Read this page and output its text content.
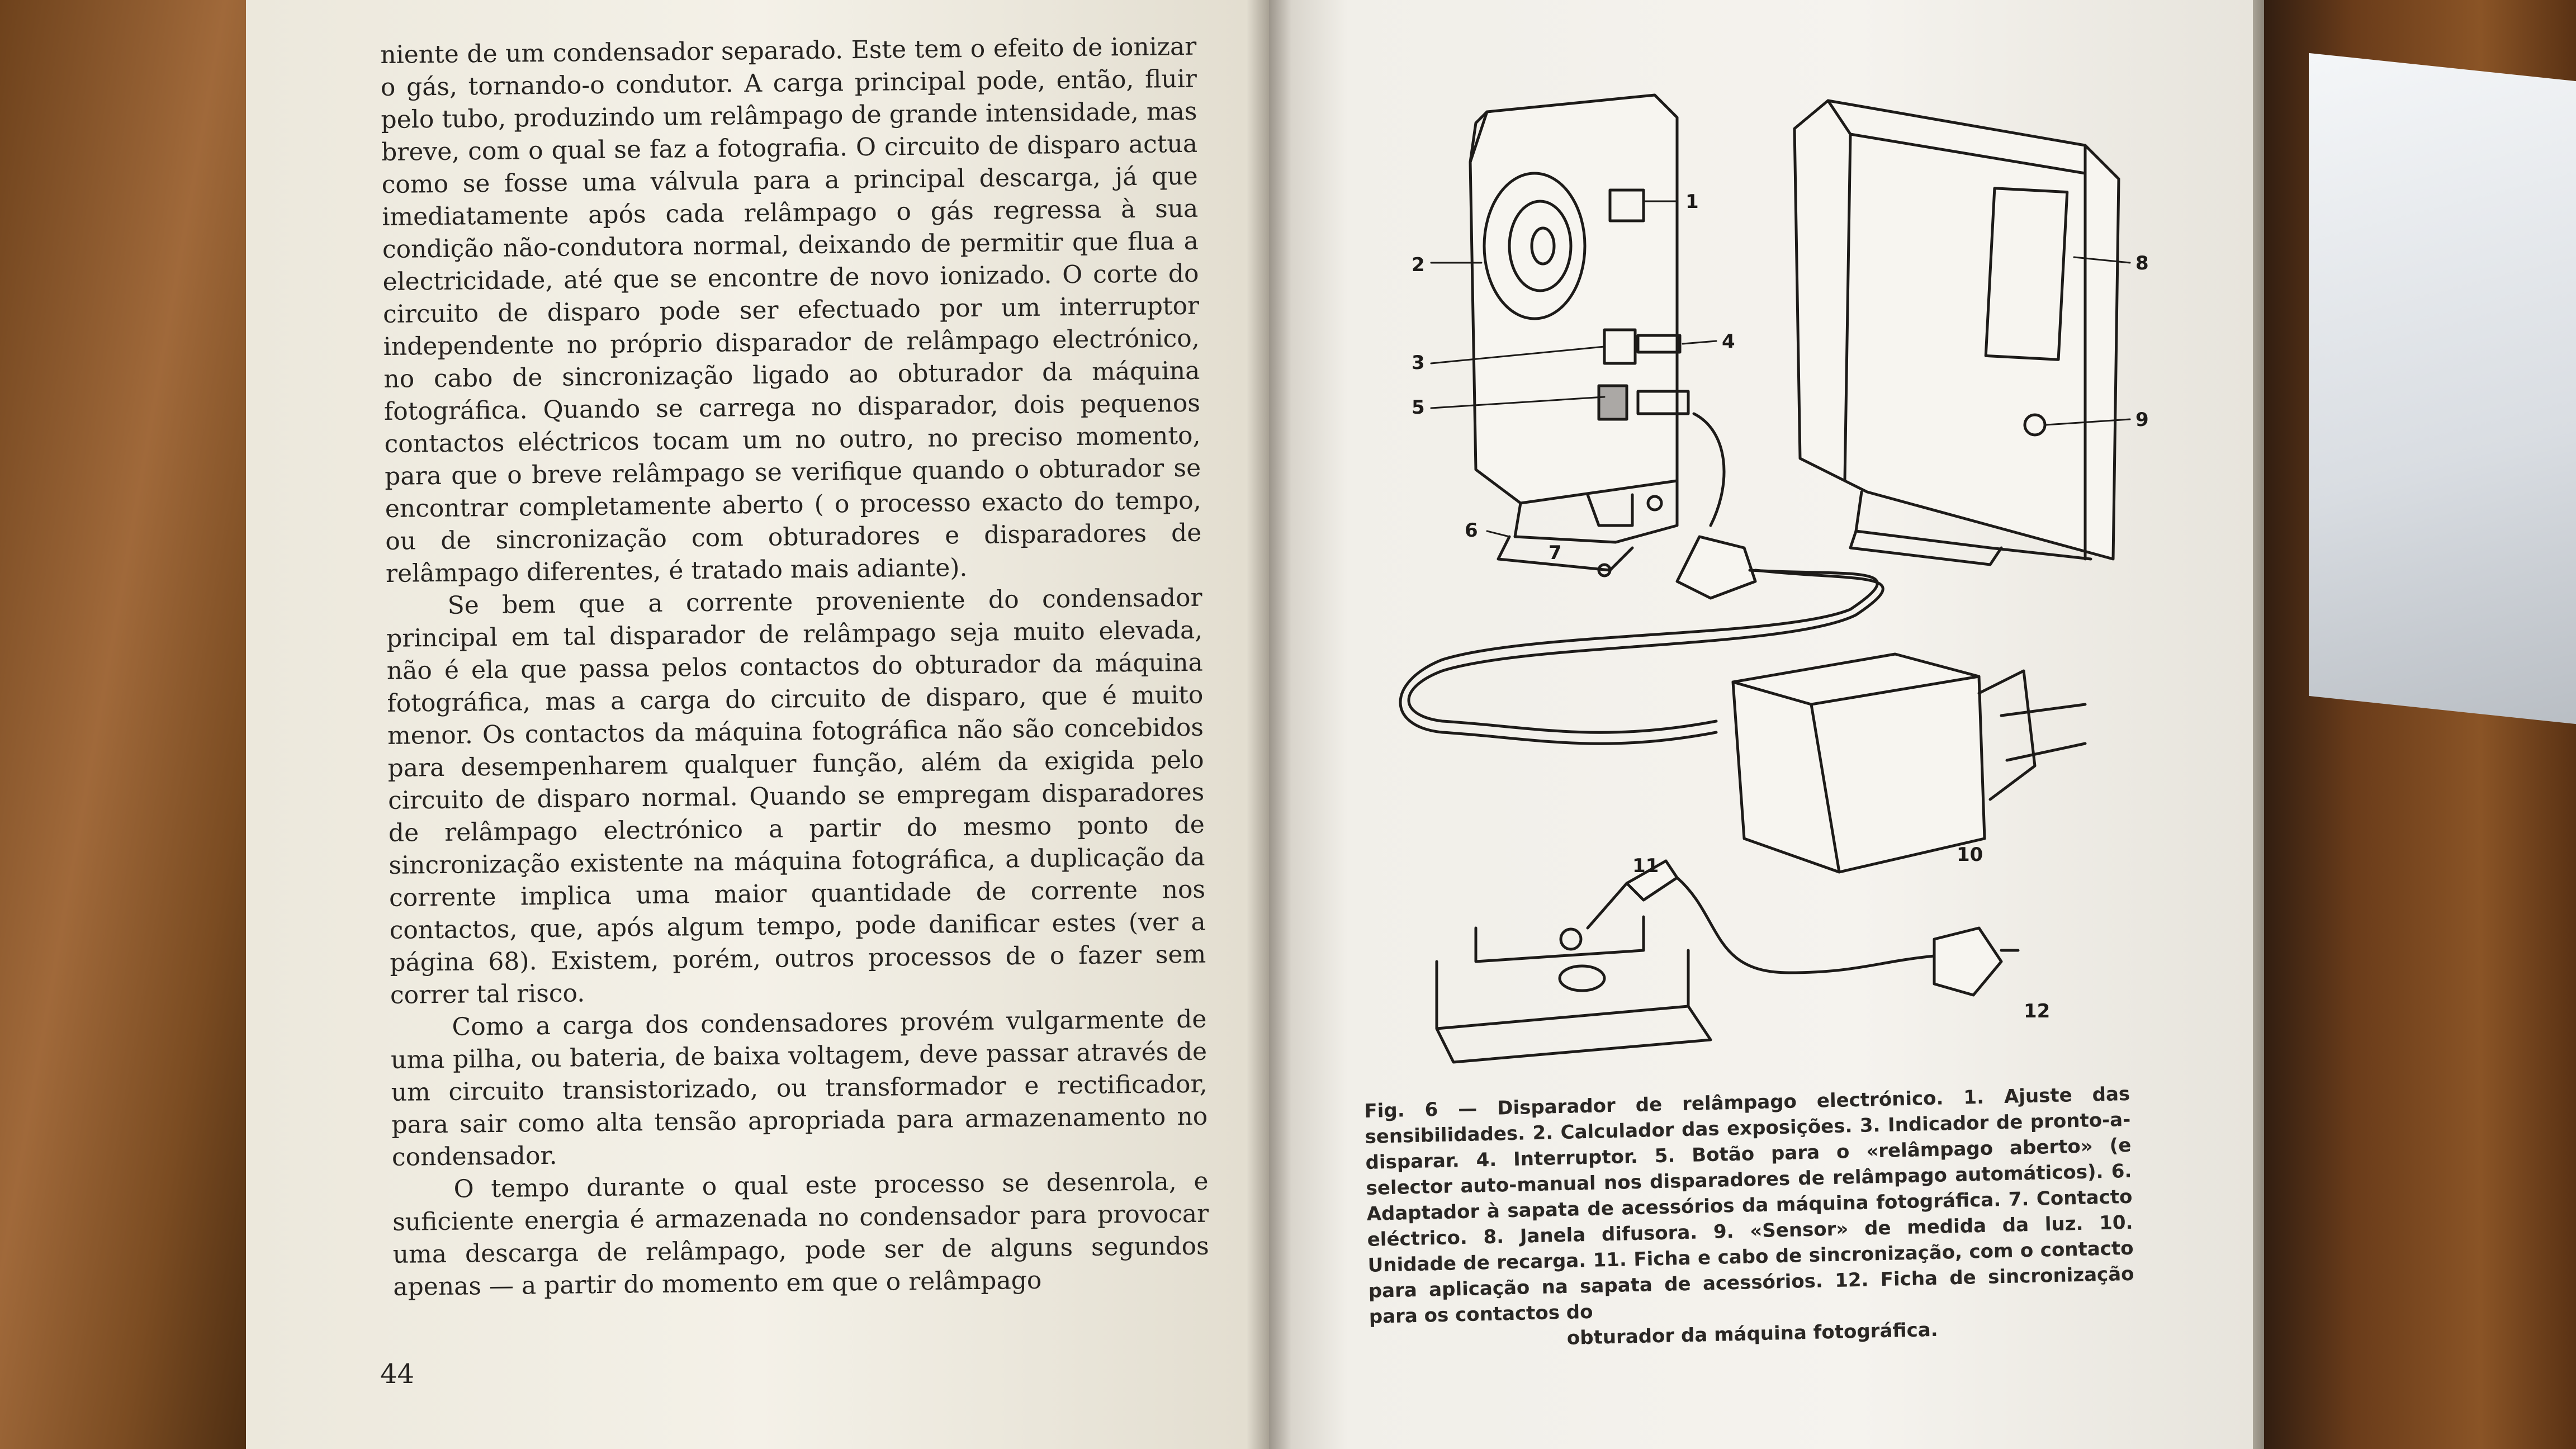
niente de um condensador separado. Este tem o efeito de ionizar o gás, tornando-o condutor. A carga principal pode, então, fluir pelo tubo, produzindo um relâmpago de grande intensidade, mas breve, com o qual se faz a fotografia. O circuito de disparo actua como se fosse uma válvula para a principal descarga, já que imediatamente após cada relâmpago o gás regressa à sua condição não-condutora normal, deixando de permitir que flua a electricidade, até que se encontre de novo ionizado. O corte do circuito de disparo pode ser efectuado por um interruptor independente no próprio disparador de relâmpago electrónico, no cabo de sincronização ligado ao obturador da máquina fotográfica. Quando se carrega no disparador, dois pequenos contactos eléctricos tocam um no outro, no preciso momento, para que o breve relâmpago se verifique quando o obturador se encontrar completamente aberto ( o processo exacto do tempo, ou de sincronização com obturadores e disparadores de relâmpago diferentes, é tratado mais adiante).

Se bem que a corrente proveniente do condensador principal em tal disparador de relâmpago seja muito elevada, não é ela que passa pelos contactos do obturador da máquina fotográfica, mas a carga do circuito de disparo, que é muito menor. Os contactos da máquina fotográfica não são concebidos para desempenharem qualquer função, além da exigida pelo circuito de disparo normal. Quando se empregam disparadores de relâmpago electrónico a partir do mesmo ponto de sincronização existente na máquina fotográfica, a duplicação da corrente implica uma maior quantidade de corrente nos contactos, que, após algum tempo, pode danificar estes (ver a página 68). Existem, porém, outros processos de o fazer sem correr tal risco.

Como a carga dos condensadores provém vulgarmente de uma pilha, ou bateria, de baixa voltagem, deve passar através de um circuito transistorizado, ou transformador e rectificador, para sair como alta tensão apropriada para armazenamento no condensador.

O tempo durante o qual este processo se desenrola, e suficiente energia é armazenada no condensador para provocar uma descarga de relâmpago, pode ser de alguns segundos apenas — a partir do momento em que o relâmpago

44
1
2
3
4
5
6
7
8
9
10
11
12

Fig. 6 — Disparador de relâmpago electrónico. 1. Ajuste das sensibilidades. 2. Calculador das exposições. 3. Indicador de pronto-a-disparar. 4. Interruptor. 5. Botão para o «relâmpago aberto» (e selector auto-manual nos disparadores de relâmpago automáticos). 6. Adaptador à sapata de acessórios da máquina fotográfica. 7. Contacto eléctrico. 8. Janela difusora. 9. «Sensor» de medida da luz. 10. Unidade de recarga. 11. Ficha e cabo de sincronização, com o contacto para aplicação na sapata de acessórios. 12. Ficha de sincronização para os contactos do

obturador da máquina fotográfica.
